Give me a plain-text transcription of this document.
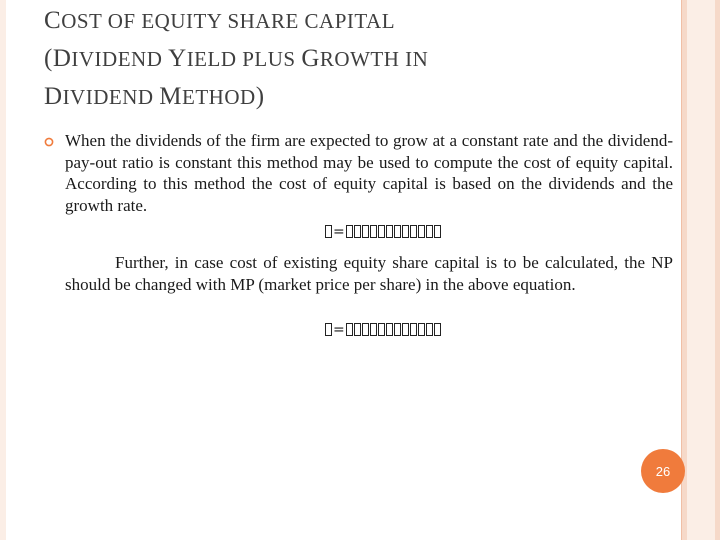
COST OF EQUITY SHARE CAPITAL
(DIVIDEND YIELD PLUS GROWTH IN
DIVIDEND METHOD)

When the dividends of the firm are expected to grow at a constant rate and the dividend-pay-out ratio is constant this method may be used to compute the cost of equity capital. According to this method the cost of equity capital is based on the dividends and the growth rate.

=

Further, in case cost of existing equity share capital is to be calculated, the NP should be changed with MP (market price per share) in the above equation.

=
26
